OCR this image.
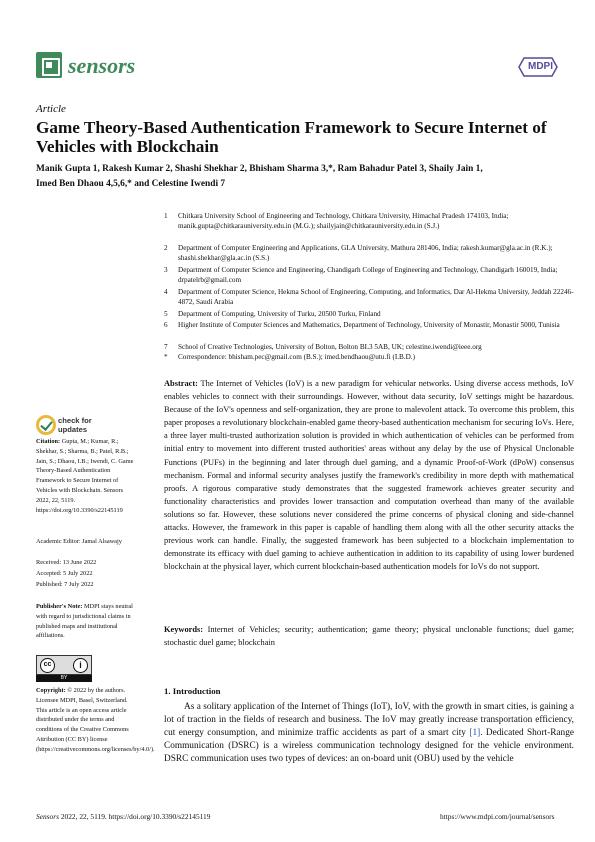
sensors	MDPI
Article
Game Theory-Based Authentication Framework to Secure Internet of Vehicles with Blockchain
Manik Gupta 1, Rakesh Kumar 2, Shashi Shekhar 2, Bhisham Sharma 3,*, Ram Bahadur Patel 3, Shaily Jain 1,
Imed Ben Dhaou 4,5,6,* and Celestine Iwendi 7
1	Chitkara University School of Engineering and Technology, Chitkara University, Himachal Pradesh 174103, India; manik.gupta@chitkarauniversity.edu.in (M.G.); shailyjain@chitkarauniversity.edu.in (S.J.)
2	Department of Computer Engineering and Applications, GLA University, Mathura 281406, India; rakesh.kumar@gla.ac.in (R.K.); shashi.shekhar@gla.ac.in (S.S.)
3	Department of Computer Science and Engineering, Chandigarh College of Engineering and Technology, Chandigarh 160019, India; drpatelrb@gmail.com
4	Department of Computer Science, Hekma School of Engineering, Computing, and Informatics, Dar Al-Hekma University, Jeddah 22246-4872, Saudi Arabia
5	Department of Computing, University of Turku, 20500 Turku, Finland
6	Higher Institute of Computer Sciences and Mathematics, Department of Technology, University of Monastir, Monastir 5000, Tunisia
7	School of Creative Technologies, University of Bolton, Bolton BL3 5AB, UK; celestine.iwendi@ieee.org
*	Correspondence: bhisham.pec@gmail.com (B.S.); imed.bendhaou@utu.fi (I.B.D.)
check for updates
Citation: Gupta, M.; Kumar, R.; Shekhar, S.; Sharma, B.; Patel, R.B.; Jain, S.; Dhaou, I.B.; Iwendi, C. Game Theory-Based Authentication Framework to Secure Internet of Vehicles with Blockchain. Sensors 2022, 22, 5119. https://doi.org/10.3390/s22145119
Academic Editor: Jamal Alsawajy
Received: 13 June 2022
Accepted: 5 July 2022
Published: 7 July 2022
Publisher's Note: MDPI stays neutral with regard to jurisdictional claims in published maps and institutional affiliations.
cc	i
BY
Copyright: © 2022 by the authors. Licensee MDPI, Basel, Switzerland. This article is an open access article distributed under the terms and conditions of the Creative Commons Attribution (CC BY) license (https://creativecommons.org/licenses/by/4.0/).
Abstract: The Internet of Vehicles (IoV) is a new paradigm for vehicular networks. Using diverse access methods, IoV enables vehicles to connect with their surroundings. However, without data security, IoV settings might be hazardous. Because of the IoV's openness and self-organization, they are prone to malevolent attack. To overcome this problem, this paper proposes a revolutionary blockchain-enabled game theory-based authentication mechanism for securing IoVs. Here, a three layer multi-trusted authorization solution is provided in which authentication of vehicles can be performed from initial entry to movement into different trusted authorities' areas without any delay by the use of Physical Unclonable Functions (PUFs) in the beginning and later through duel gaming, and a dynamic Proof-of-Work (dPoW) consensus mechanism. Formal and informal security analyses justify the framework's credibility in more depth with mathematical proofs. A rigorous comparative study demonstrates that the suggested framework achieves greater security and functionality characteristics and provides lower transaction and computation overhead than many of the available solutions so far. However, these solutions never considered the prime concerns of physical cloning and side-channel attacks. However, the framework in this paper is capable of handling them along with all the other security attacks the previous work can handle. Finally, the suggested framework has been subjected to a blockchain implementation to demonstrate its efficacy with duel gaming to achieve authentication in addition to its capability of using lower burdened blockchain at the physical layer, which current blockchain-based authentication models for IoVs do not support.
Keywords: Internet of Vehicles; security; authentication; game theory; physical unclonable functions; duel game; stochastic duel game; blockchain
1. Introduction
As a solitary application of the Internet of Things (IoT), IoV, with the growth in smart cities, is gaining a lot of traction in the fields of research and business. The IoV may greatly increase transportation efficiency, cut energy consumption, and minimize traffic accidents as part of a smart city [1]. Dedicated Short-Range Communication (DSRC) is a wireless communication technology designed for the vehicle environment. DSRC communication uses two types of devices: an on-board unit (OBU) used by the vehicle
Sensors 2022, 22, 5119. https://doi.org/10.3390/s22145119	https://www.mdpi.com/journal/sensors
